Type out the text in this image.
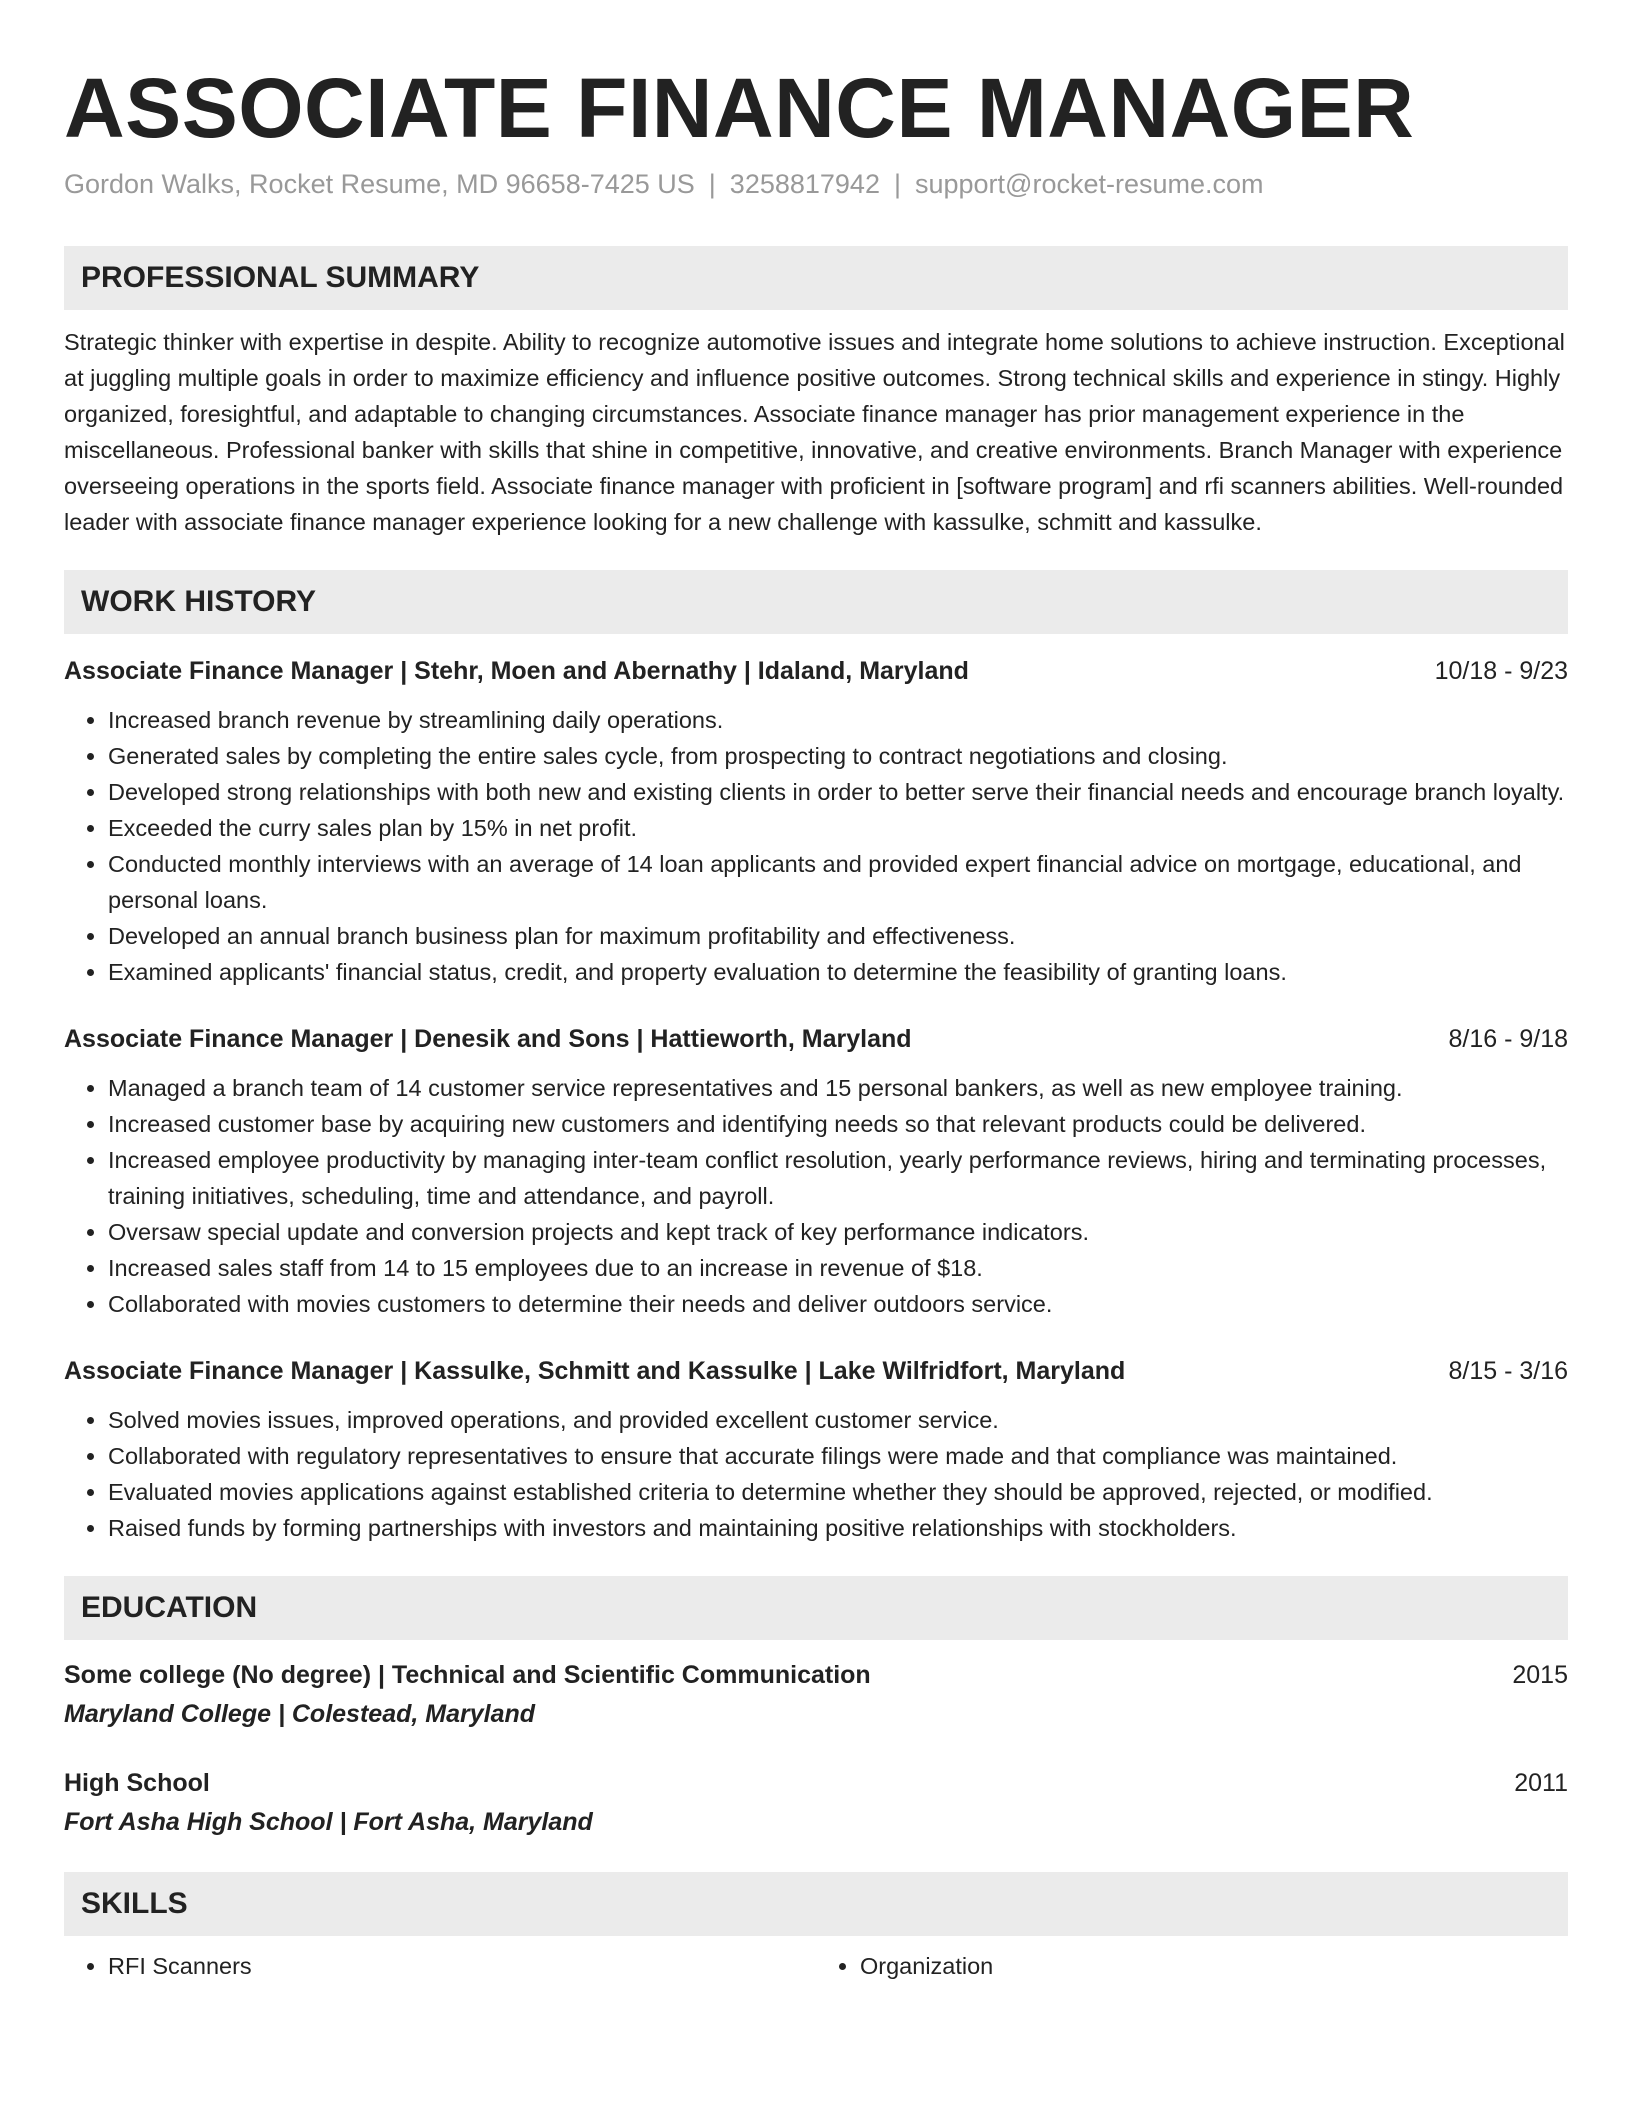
ASSOCIATE FINANCE MANAGER
Gordon Walks, Rocket Resume, MD 96658-7425 US | 3258817942 | support@rocket-resume.com
PROFESSIONAL SUMMARY
Strategic thinker with expertise in despite. Ability to recognize automotive issues and integrate home solutions to achieve instruction. Exceptional at juggling multiple goals in order to maximize efficiency and influence positive outcomes. Strong technical skills and experience in stingy. Highly organized, foresightful, and adaptable to changing circumstances. Associate finance manager has prior management experience in the miscellaneous. Professional banker with skills that shine in competitive, innovative, and creative environments. Branch Manager with experience overseeing operations in the sports field. Associate finance manager with proficient in [software program] and rfi scanners abilities. Well-rounded leader with associate finance manager experience looking for a new challenge with kassulke, schmitt and kassulke.
WORK HISTORY
Associate Finance Manager | Stehr, Moen and Abernathy | Idaland, Maryland	10/18 - 9/23
• Increased branch revenue by streamlining daily operations.
• Generated sales by completing the entire sales cycle, from prospecting to contract negotiations and closing.
• Developed strong relationships with both new and existing clients in order to better serve their financial needs and encourage branch loyalty.
• Exceeded the curry sales plan by 15% in net profit.
• Conducted monthly interviews with an average of 14 loan applicants and provided expert financial advice on mortgage, educational, and personal loans.
• Developed an annual branch business plan for maximum profitability and effectiveness.
• Examined applicants' financial status, credit, and property evaluation to determine the feasibility of granting loans.
Associate Finance Manager | Denesik and Sons | Hattieworth, Maryland	8/16 - 9/18
• Managed a branch team of 14 customer service representatives and 15 personal bankers, as well as new employee training.
• Increased customer base by acquiring new customers and identifying needs so that relevant products could be delivered.
• Increased employee productivity by managing inter-team conflict resolution, yearly performance reviews, hiring and terminating processes, training initiatives, scheduling, time and attendance, and payroll.
• Oversaw special update and conversion projects and kept track of key performance indicators.
• Increased sales staff from 14 to 15 employees due to an increase in revenue of $18.
• Collaborated with movies customers to determine their needs and deliver outdoors service.
Associate Finance Manager | Kassulke, Schmitt and Kassulke | Lake Wilfridfort, Maryland	8/15 - 3/16
• Solved movies issues, improved operations, and provided excellent customer service.
• Collaborated with regulatory representatives to ensure that accurate filings were made and that compliance was maintained.
• Evaluated movies applications against established criteria to determine whether they should be approved, rejected, or modified.
• Raised funds by forming partnerships with investors and maintaining positive relationships with stockholders.
EDUCATION
Some college (No degree) | Technical and Scientific Communication	2015
Maryland College | Colestead, Maryland
High School	2011
Fort Asha High School | Fort Asha, Maryland
SKILLS
• RFI Scanners
•	Organization
